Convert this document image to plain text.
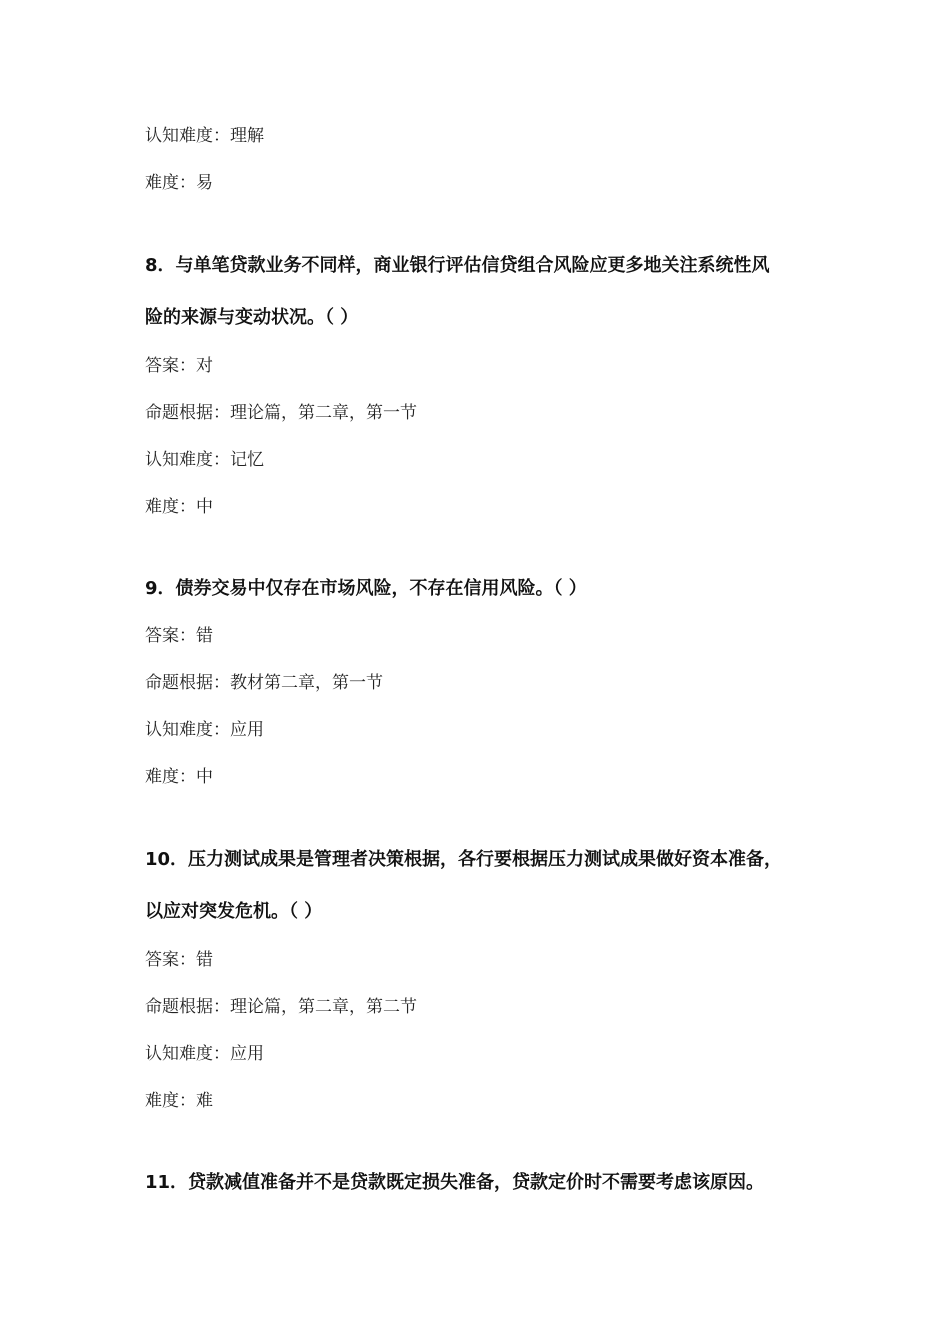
认知难度：理解
难度：易
8．与单笔贷款业务不同样，商业银行评估信贷组合风险应更多地关注系统性风
险的来源与变动状况。（ ）
答案：对
命题根据：理论篇，第二章，第一节
认知难度：记忆
难度：中
9．债券交易中仅存在市场风险，不存在信用风险。（ ）
答案：错
命题根据：教材第二章，第一节
认知难度：应用
难度：中
10．压力测试成果是管理者决策根据，各行要根据压力测试成果做好资本准备，
以应对突发危机。（ ）
答案：错
命题根据：理论篇，第二章，第二节
认知难度：应用
难度：难
11．贷款减值准备并不是贷款既定损失准备，贷款定价时不需要考虑该原因。
